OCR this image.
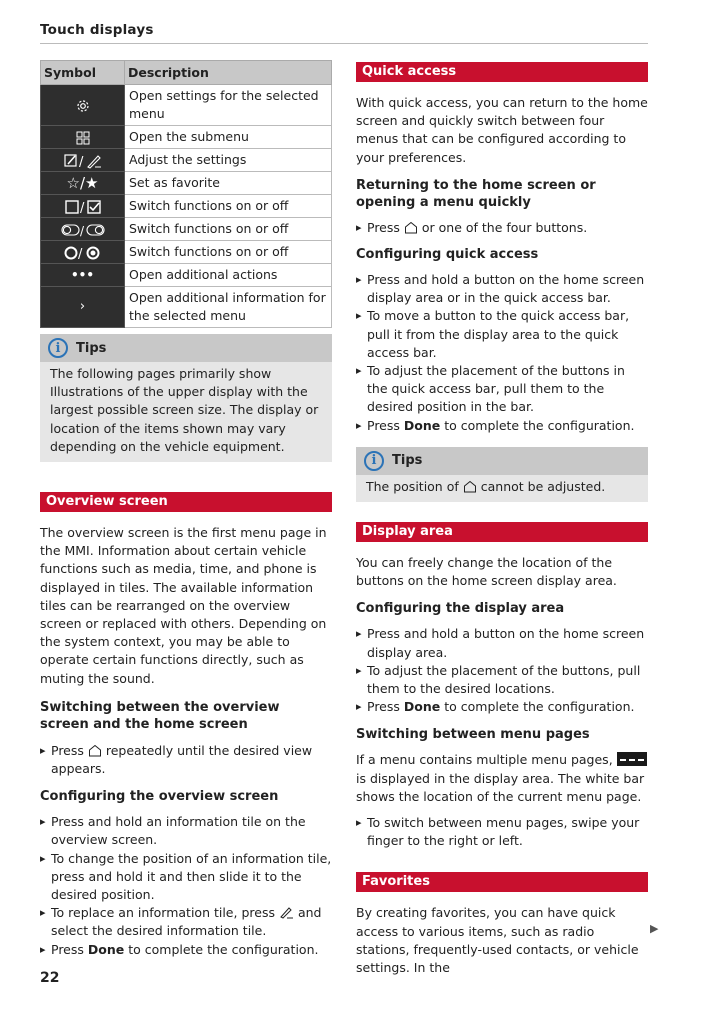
Touch displays
Symbol	Description
	Open settings for the selected menu
	Open the submenu

/	Adjust the settings
☆/★	Set as favorite

/	Switch functions on or off

/	Switch functions on or off

/	Switch functions on or off
•••	Open additional actions
›	Open additional information for the selected menu
i	Tips
The following pages primarily show Illustrations of the upper display with the largest possible screen size. The display or location of the items shown may vary depending on the vehicle equipment.
Overview screen

The overview screen is the first menu page in the MMI. Information about certain vehicle functions such as media, time, and phone is displayed in tiles. The available information tiles can be rearranged on the overview screen or replaced with others. Depending on the system context, you may be able to operate certain functions directly, such as muting the sound.

Switching between the overview screen and the home screen
▸ Press repeatedly until the desired view appears.
Configuring the overview screen
▸ Press and hold an information tile on the overview screen.
▸ To change the position of an information tile, press and hold it and then slide it to the desired position.
▸ To replace an information tile, press and select the desired information tile.
▸ Press Done to complete the configuration.
Quick access

With quick access, you can return to the home screen and quickly switch between four menus that can be configured according to your preferences.

Returning to the home screen or opening a menu quickly
▸ Press or one of the four buttons.
Configuring quick access
▸ Press and hold a button on the home screen display area or in the quick access bar.
▸ To move a button to the quick access bar, pull it from the display area to the quick access bar.
▸ To adjust the placement of the buttons in the quick access bar, pull them to the desired position in the bar.
▸ Press Done to complete the configuration.
i	Tips
The position of cannot be adjusted.
Display area

You can freely change the location of the buttons on the home screen display area.

Configuring the display area
▸ Press and hold a button on the home screen display area.
▸ To adjust the placement of the buttons, pull them to the desired locations.
▸ Press Done to complete the configuration.
Switching between menu pages

If a menu contains multiple menu pages,
is displayed in the display area. The white bar shows the location of the current menu page.

▸ To switch between menu pages, swipe your finger to the right or left.
Favorites

By creating favorites, you can have quick access to various items, such as radio stations, frequently-used contacts, or vehicle settings. In the

▶
22
